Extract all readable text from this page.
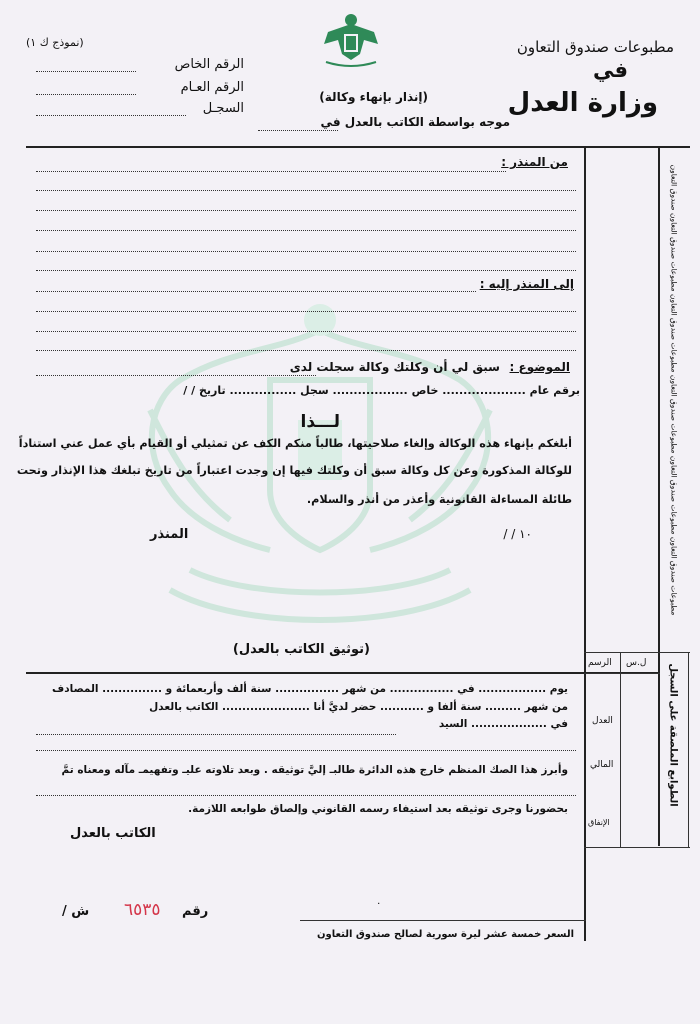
مطبوعات صندوق التعاون
في
وزارة العدل
(نموذج ك ١)
الرقم الخاص
الرقم العـام
السجـل
(إنذار بإنهاء وكالة)
موجه بواسطة الكاتب بالعدل في
مطبوعات صندوق التعاون مطبوعات صندوق التعاون مطبوعات صندوق التعاون مطبوعات صندوق التعاون مطبوعات صندوق التعاون صندوق التعاون
من المنذر :
إلى المنذر إليه :
الموضوع :
سبق لي أن وكلتك وكالة سجلت لدى
برقم عام .................... خاص .................. سجل ................ تاريخ / /
لـــذا
أبلغكم بإنهاء هذه الوكالة وإلغاء صلاحيتها، طالباً منكم الكف عن تمثيلي أو القيام بأي عمل عني استناداً
للوكالة المذكورة وعن كل وكالة سبق أن وكلتك فيها إن وجدت اعتباراً من تاريخ تبلغك هذا الإنذار وتحت
طائلة المساءلة القانونية وأعذر من أنذر والسلام.
/ / ١٠
المنذر
(توثيق الكاتب بالعدل)
يوم ................. في ................ من شهر ................ سنة ألف وأربعمائة و ............... المصادف
من شهر ......... سنة ألفا و ........... حضر لديَّ أنا ...................... الكاتب بالعدل
في ................... السيد
وأبرز هذا الصك المنظم خارج هذه الدائرة طالبـ إليَّ توثيقه . وبعد تلاوته عليـ وتفهيمـ مآله ومعناه تمَّ
بحضورنا وجرى توثيقه بعد استيفاء رسمه القانوني وإلصاق طوابعه اللازمة.
الكاتب بالعدل
رقم
٦٥٣٥
/ ش
٠
السعر خمسة عشر ليرة سورية لصالح صندوق التعاون
الرسم ل.س
العدل
المالي
الإنفاق
الطوابع الملصقة على السجل
